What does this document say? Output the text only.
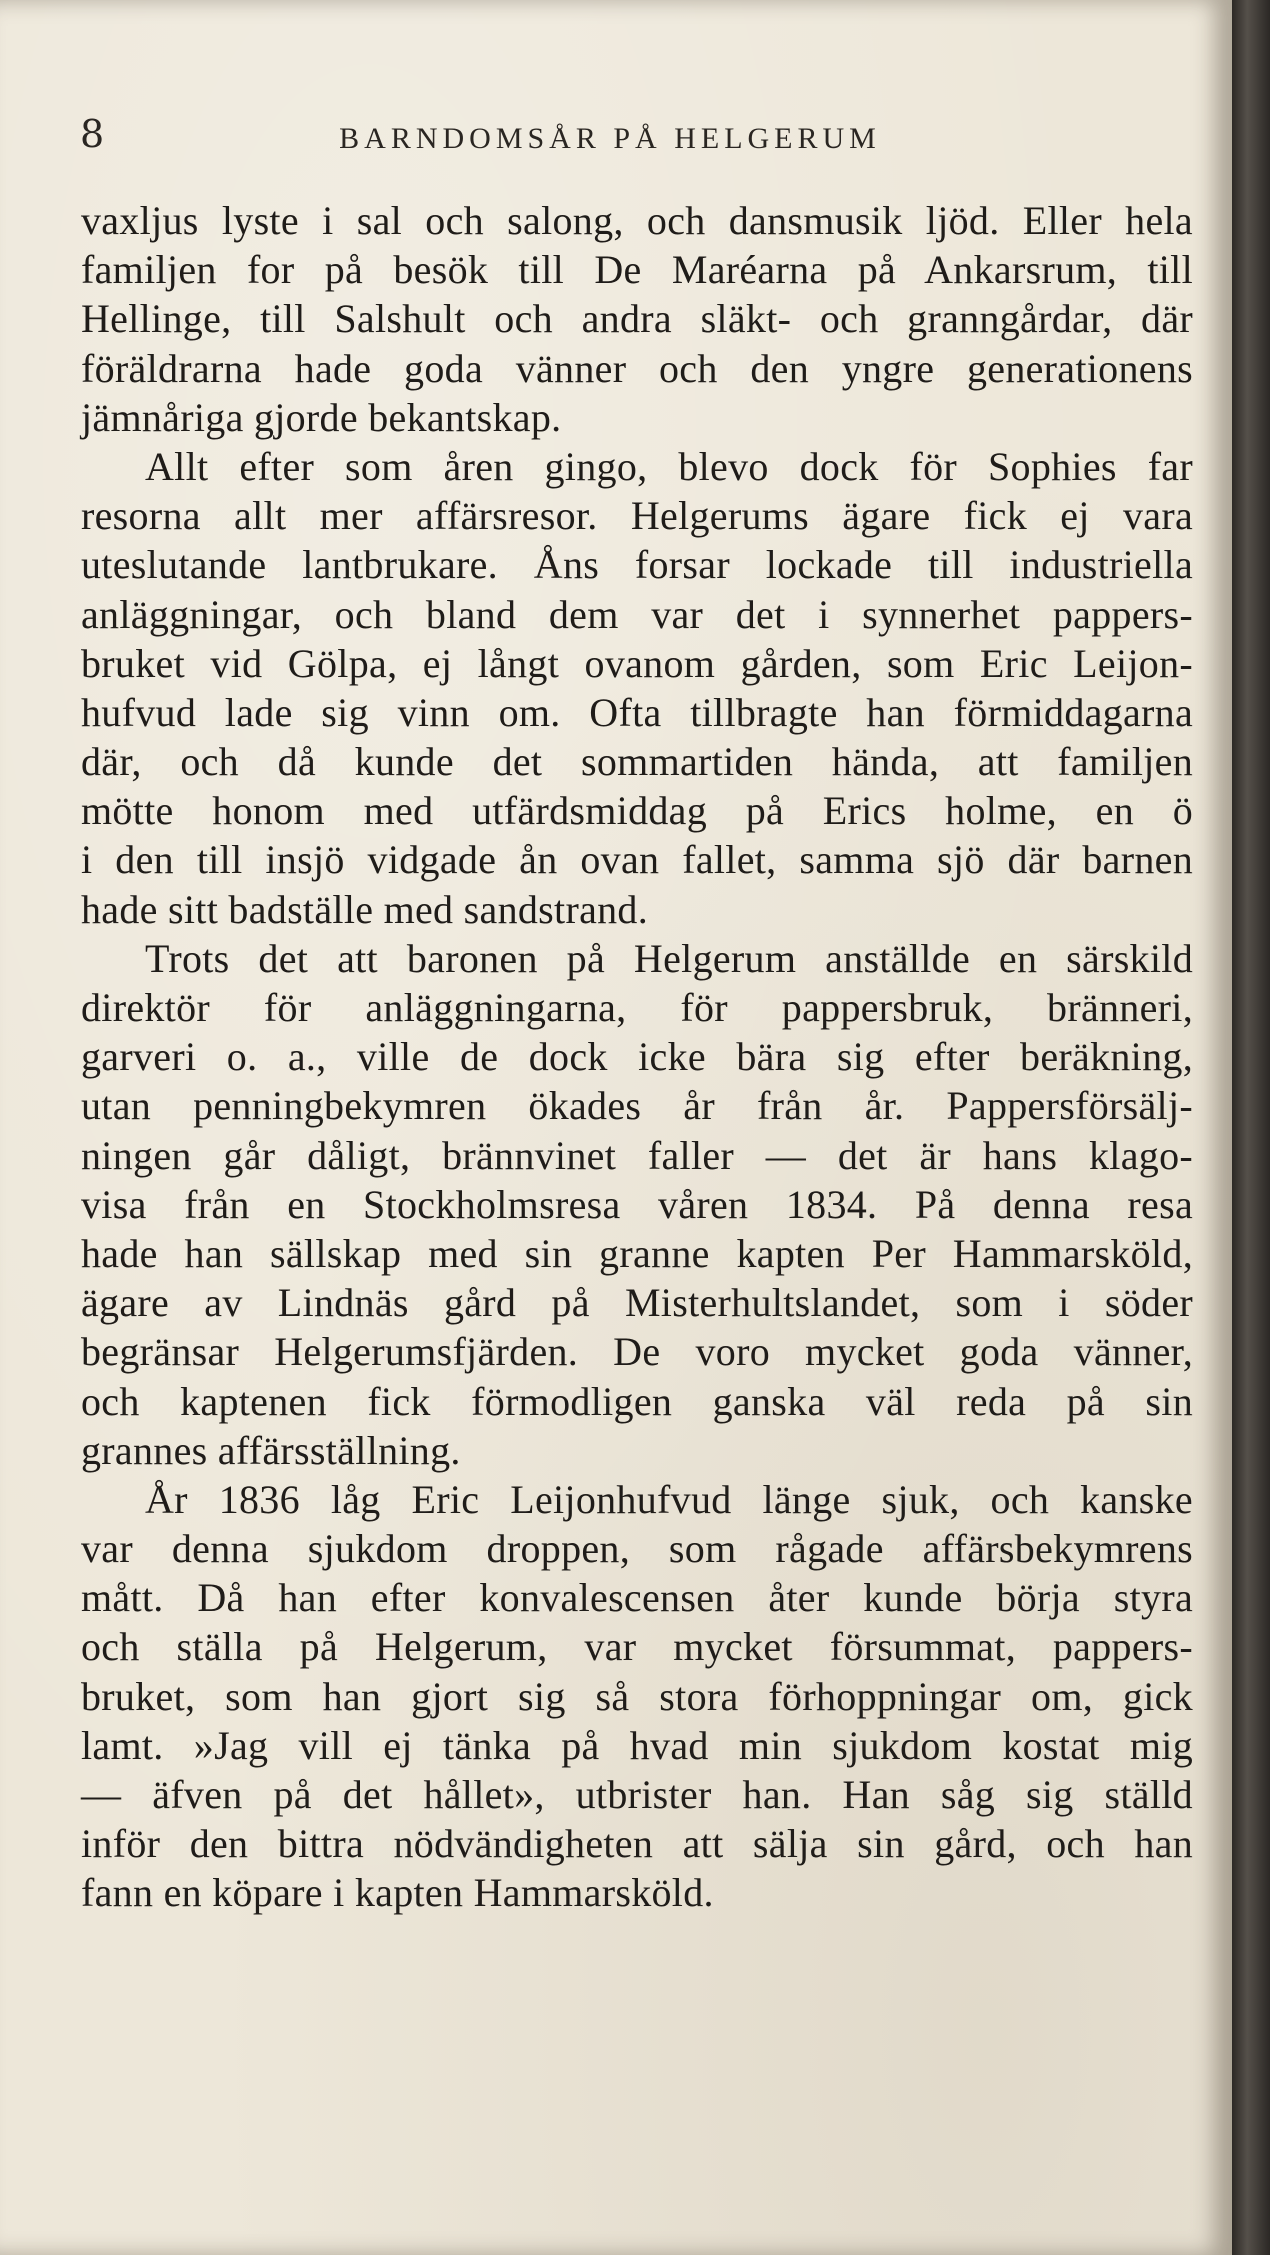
8	BARNDOMSÅR PÅ HELGERUM
vaxljus lyste i sal och salong, och dansmusik ljöd. Eller hela
familjen for på besök till De Maréarna på Ankarsrum, till
Hellinge, till Salshult och andra släkt- och granngårdar, där
föräldrarna hade goda vänner och den yngre generationens
jämnåriga gjorde bekantskap.
Allt efter som åren gingo, blevo dock för Sophies far
resorna allt mer affärsresor. Helgerums ägare fick ej vara
uteslutande lantbrukare. Åns forsar lockade till industriella
anläggningar, och bland dem var det i synnerhet pappers-
bruket vid Gölpa, ej långt ovanom gården, som Eric Leijon-
hufvud lade sig vinn om. Ofta tillbragte han förmiddagarna
där, och då kunde det sommartiden hända, att familjen
mötte honom med utfärdsmiddag på Erics holme, en ö
i den till insjö vidgade ån ovan fallet, samma sjö där barnen
hade sitt badställe med sandstrand.
Trots det att baronen på Helgerum anställde en särskild
direktör för anläggningarna, för pappersbruk, bränneri,
garveri o. a., ville de dock icke bära sig efter beräkning,
utan penningbekymren ökades år från år. Pappersförsälj-
ningen går dåligt, brännvinet faller — det är hans klago-
visa från en Stockholmsresa våren 1834. På denna resa
hade han sällskap med sin granne kapten Per Hammarsköld,
ägare av Lindnäs gård på Misterhultslandet, som i söder
begränsar Helgerumsfjärden. De voro mycket goda vänner,
och kaptenen fick förmodligen ganska väl reda på sin
grannes affärsställning.
År 1836 låg Eric Leijonhufvud länge sjuk, och kanske
var denna sjukdom droppen, som rågade affärsbekymrens
mått. Då han efter konvalescensen åter kunde börja styra
och ställa på Helgerum, var mycket försummat, pappers-
bruket, som han gjort sig så stora förhoppningar om, gick
lamt. »Jag vill ej tänka på hvad min sjukdom kostat mig
— äfven på det hållet», utbrister han. Han såg sig ställd
inför den bittra nödvändigheten att sälja sin gård, och han
fann en köpare i kapten Hammarsköld.
